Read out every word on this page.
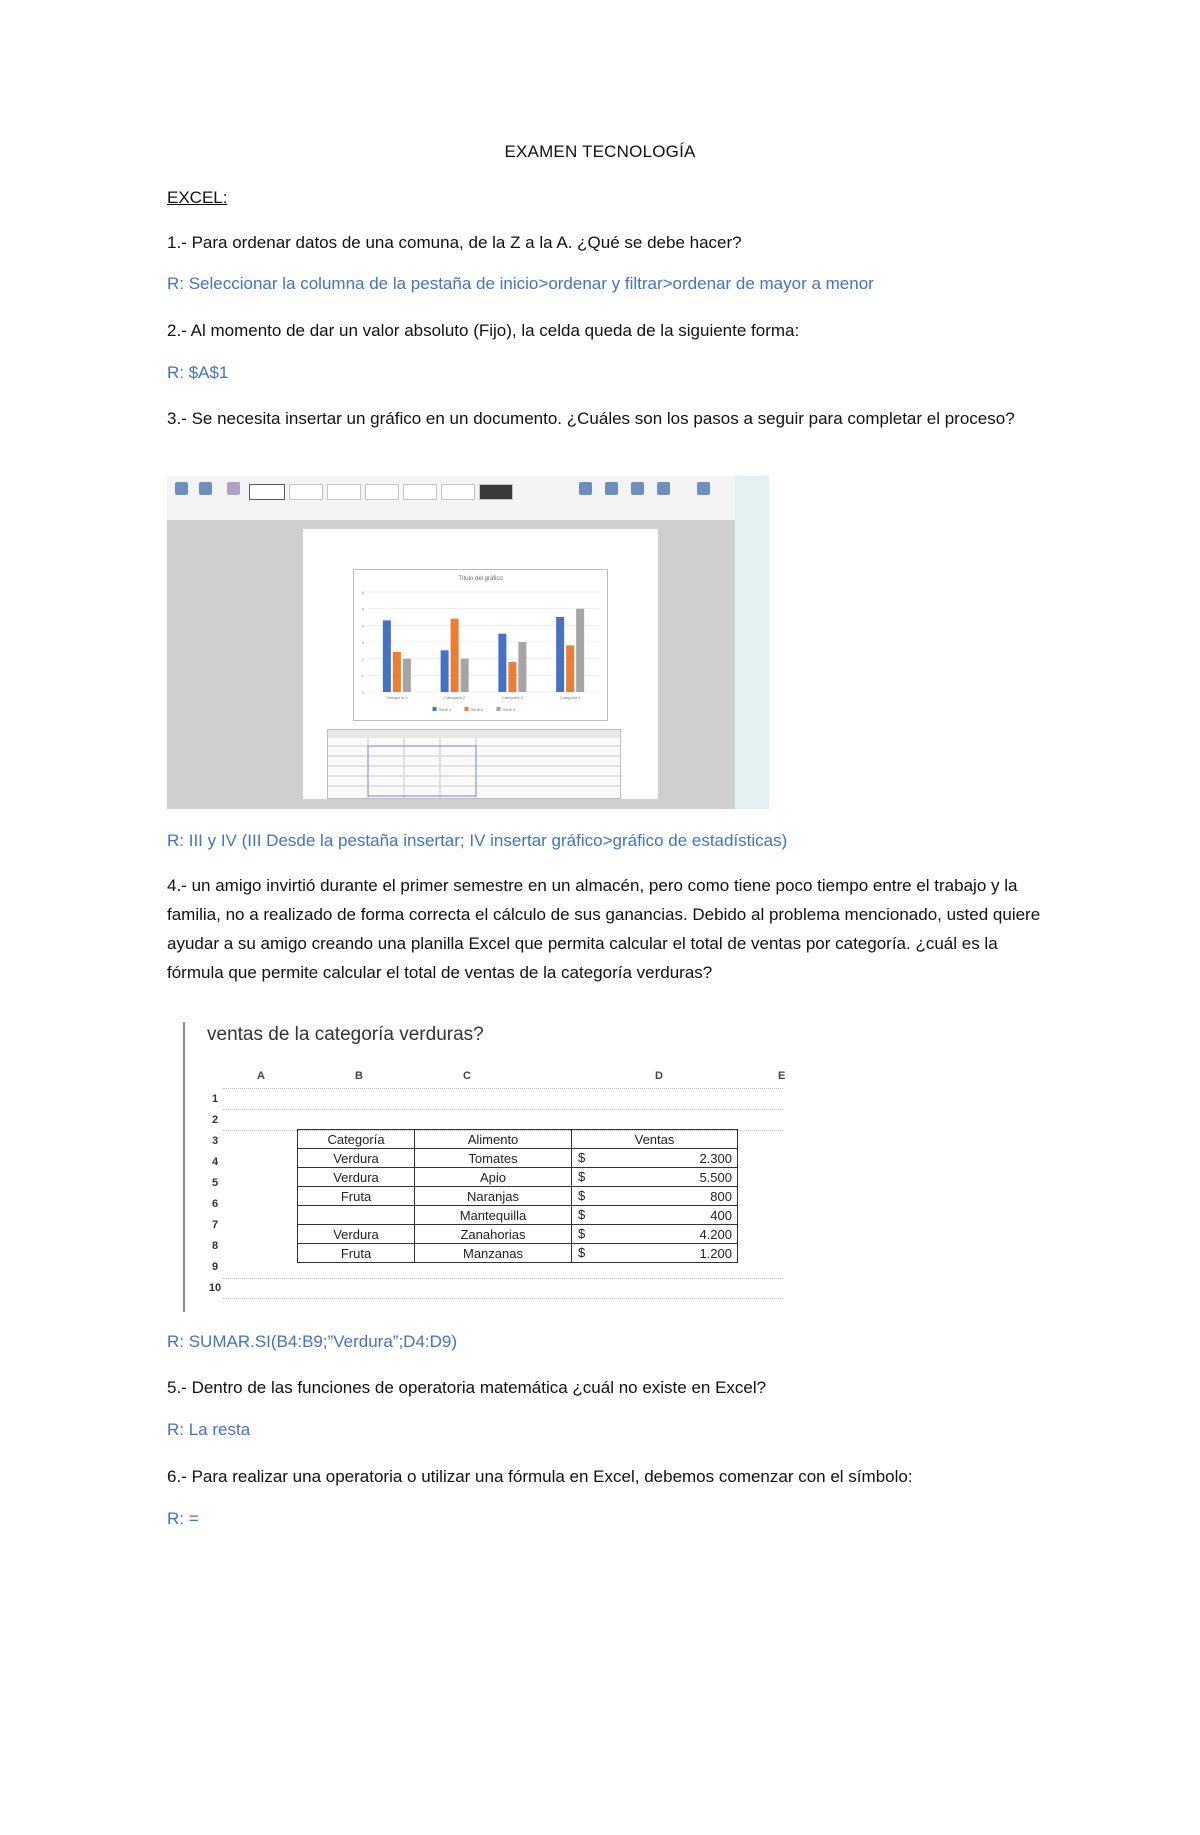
EXAMEN TECNOLOGÍA
EXCEL:
1.- Para ordenar datos de una comuna, de la Z a la A. ¿Qué se debe hacer?
R: Seleccionar la columna de la pestaña de inicio>ordenar y filtrar>ordenar de mayor a menor
2.- Al momento de dar un valor absoluto (Fijo), la celda queda de la siguiente forma:
R: $A$1
3.- Se necesita insertar un gráfico en un documento. ¿Cuáles son los pasos a seguir para completar el proceso?
Título del gráfico
0
1
2
3
4
5
6
Categoría 1	Categoría 2	Categoría 3	Categoría 4
Serie 1	Serie 2	Serie 3
R: III y IV (III Desde la pestaña insertar; IV insertar gráfico>gráfico de estadísticas)
4.- un amigo invirtió durante el primer semestre en un almacén, pero como tiene poco tiempo entre el trabajo y la familia, no a realizado de forma correcta el cálculo de sus ganancias. Debido al problema mencionado, usted quiere ayudar a su amigo creando una planilla Excel que permita calcular el total de ventas por categoría. ¿cuál es la fórmula que permite calcular el total de ventas de la categoría verduras?
ventas de la categoría verduras?
A	B	C	D	E
1
2
3
4
5
6
7
8
9
10
Categoría	Alimento	Ventas
Verdura	Tomates	$ 2.300

Verdura	Apio	$ 5.500

Fruta	Naranjas	$ 800

	Mantequilla	$ 400

Verdura	Zanahorias	$ 4.200

Fruta	Manzanas	$ 1.200
R: SUMAR.SI(B4:B9;”Verdura”;D4:D9)
5.- Dentro de las funciones de operatoria matemática ¿cuál no existe en Excel?
R: La resta
6.- Para realizar una operatoria o utilizar una fórmula en Excel, debemos comenzar con el símbolo:
R: =
